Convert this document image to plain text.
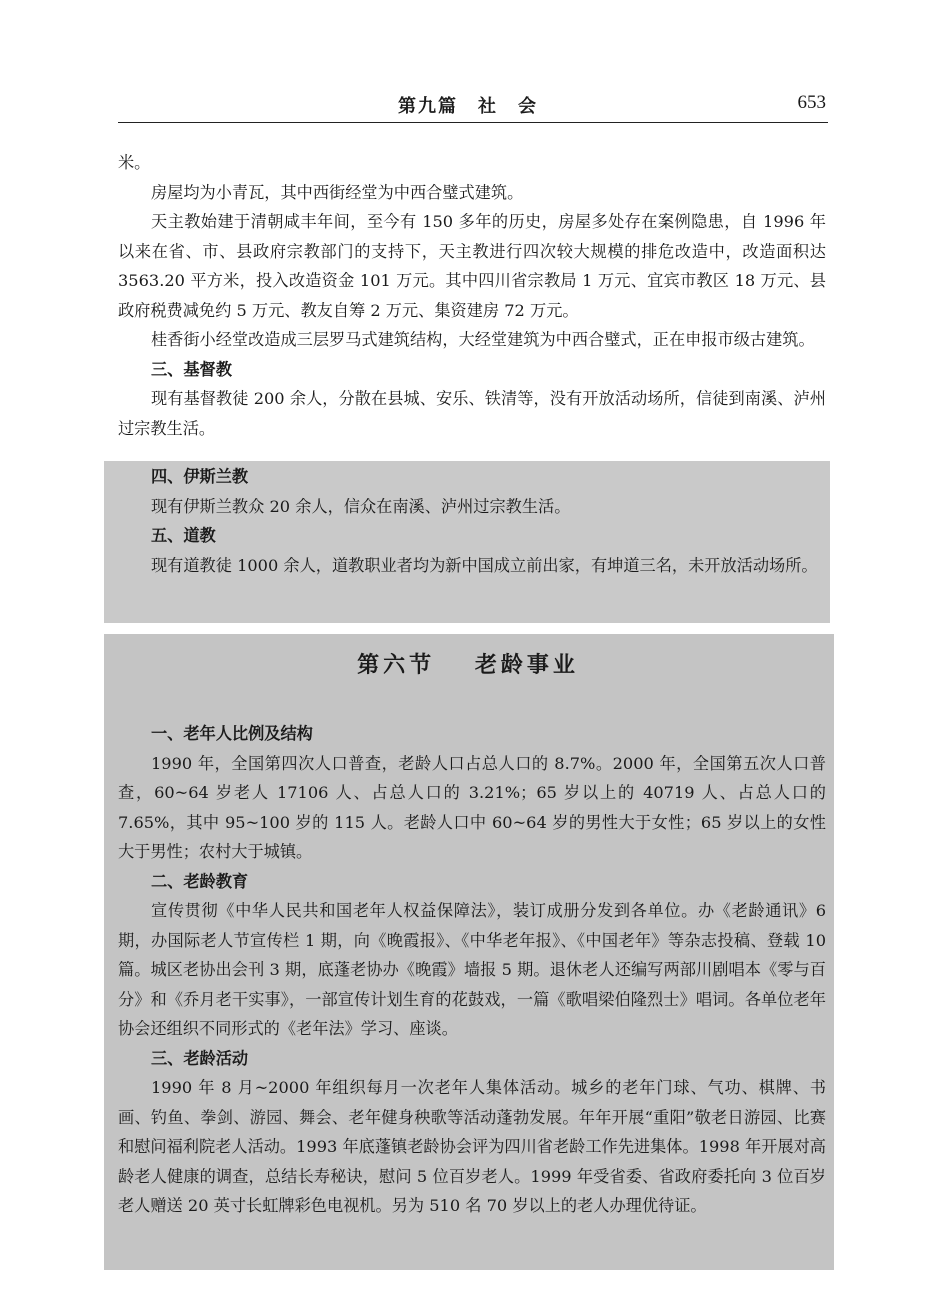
第九篇　社　会	653

米。

房屋均为小青瓦，其中西街经堂为中西合璧式建筑。

天主教始建于清朝咸丰年间，至今有 150 多年的历史，房屋多处存在案例隐患，自 1996 年以来在省、市、县政府宗教部门的支持下，天主教进行四次较大规模的排危改造中，改造面积达 3563.20 平方米，投入改造资金 101 万元。其中四川省宗教局 1 万元、宜宾市教区 18 万元、县政府税费减免约 5 万元、教友自筹 2 万元、集资建房 72 万元。

桂香街小经堂改造成三层罗马式建筑结构，大经堂建筑为中西合璧式，正在申报市级古建筑。

三、基督教

现有基督教徒 200 余人，分散在县城、安乐、铁清等，没有开放活动场所，信徒到南溪、泸州过宗教生活。

四、伊斯兰教

现有伊斯兰教众 20 余人，信众在南溪、泸州过宗教生活。

五、道教

现有道教徒 1000 余人，道教职业者均为新中国成立前出家，有坤道三名，未开放活动场所。

第六节 老龄事业

一、老年人比例及结构

1990 年，全国第四次人口普查，老龄人口占总人口的 8.7%。2000 年，全国第五次人口普查，60~64 岁老人 17106 人、占总人口的 3.21%；65 岁以上的 40719 人、占总人口的 7.65%，其中 95~100 岁的 115 人。老龄人口中 60~64 岁的男性大于女性；65 岁以上的女性大于男性；农村大于城镇。

二、老龄教育

宣传贯彻《中华人民共和国老年人权益保障法》，装订成册分发到各单位。办《老龄通讯》6 期，办国际老人节宣传栏 1 期，向《晚霞报》、《中华老年报》、《中国老年》等杂志投稿、登载 10 篇。城区老协出会刊 3 期，底蓬老协办《晚霞》墙报 5 期。退休老人还编写两部川剧唱本《零与百分》和《乔月老干实事》，一部宣传计划生育的花鼓戏，一篇《歌唱梁伯隆烈士》唱词。各单位老年协会还组织不同形式的《老年法》学习、座谈。

三、老龄活动

1990 年 8 月~2000 年组织每月一次老年人集体活动。城乡的老年门球、气功、棋牌、书画、钓鱼、拳剑、游园、舞会、老年健身秧歌等活动蓬勃发展。年年开展“重阳”敬老日游园、比赛和慰问福利院老人活动。1993 年底蓬镇老龄协会评为四川省老龄工作先进集体。1998 年开展对高龄老人健康的调查，总结长寿秘诀，慰问 5 位百岁老人。1999 年受省委、省政府委托向 3 位百岁老人赠送 20 英寸长虹牌彩色电视机。另为 510 名 70 岁以上的老人办理优待证。
